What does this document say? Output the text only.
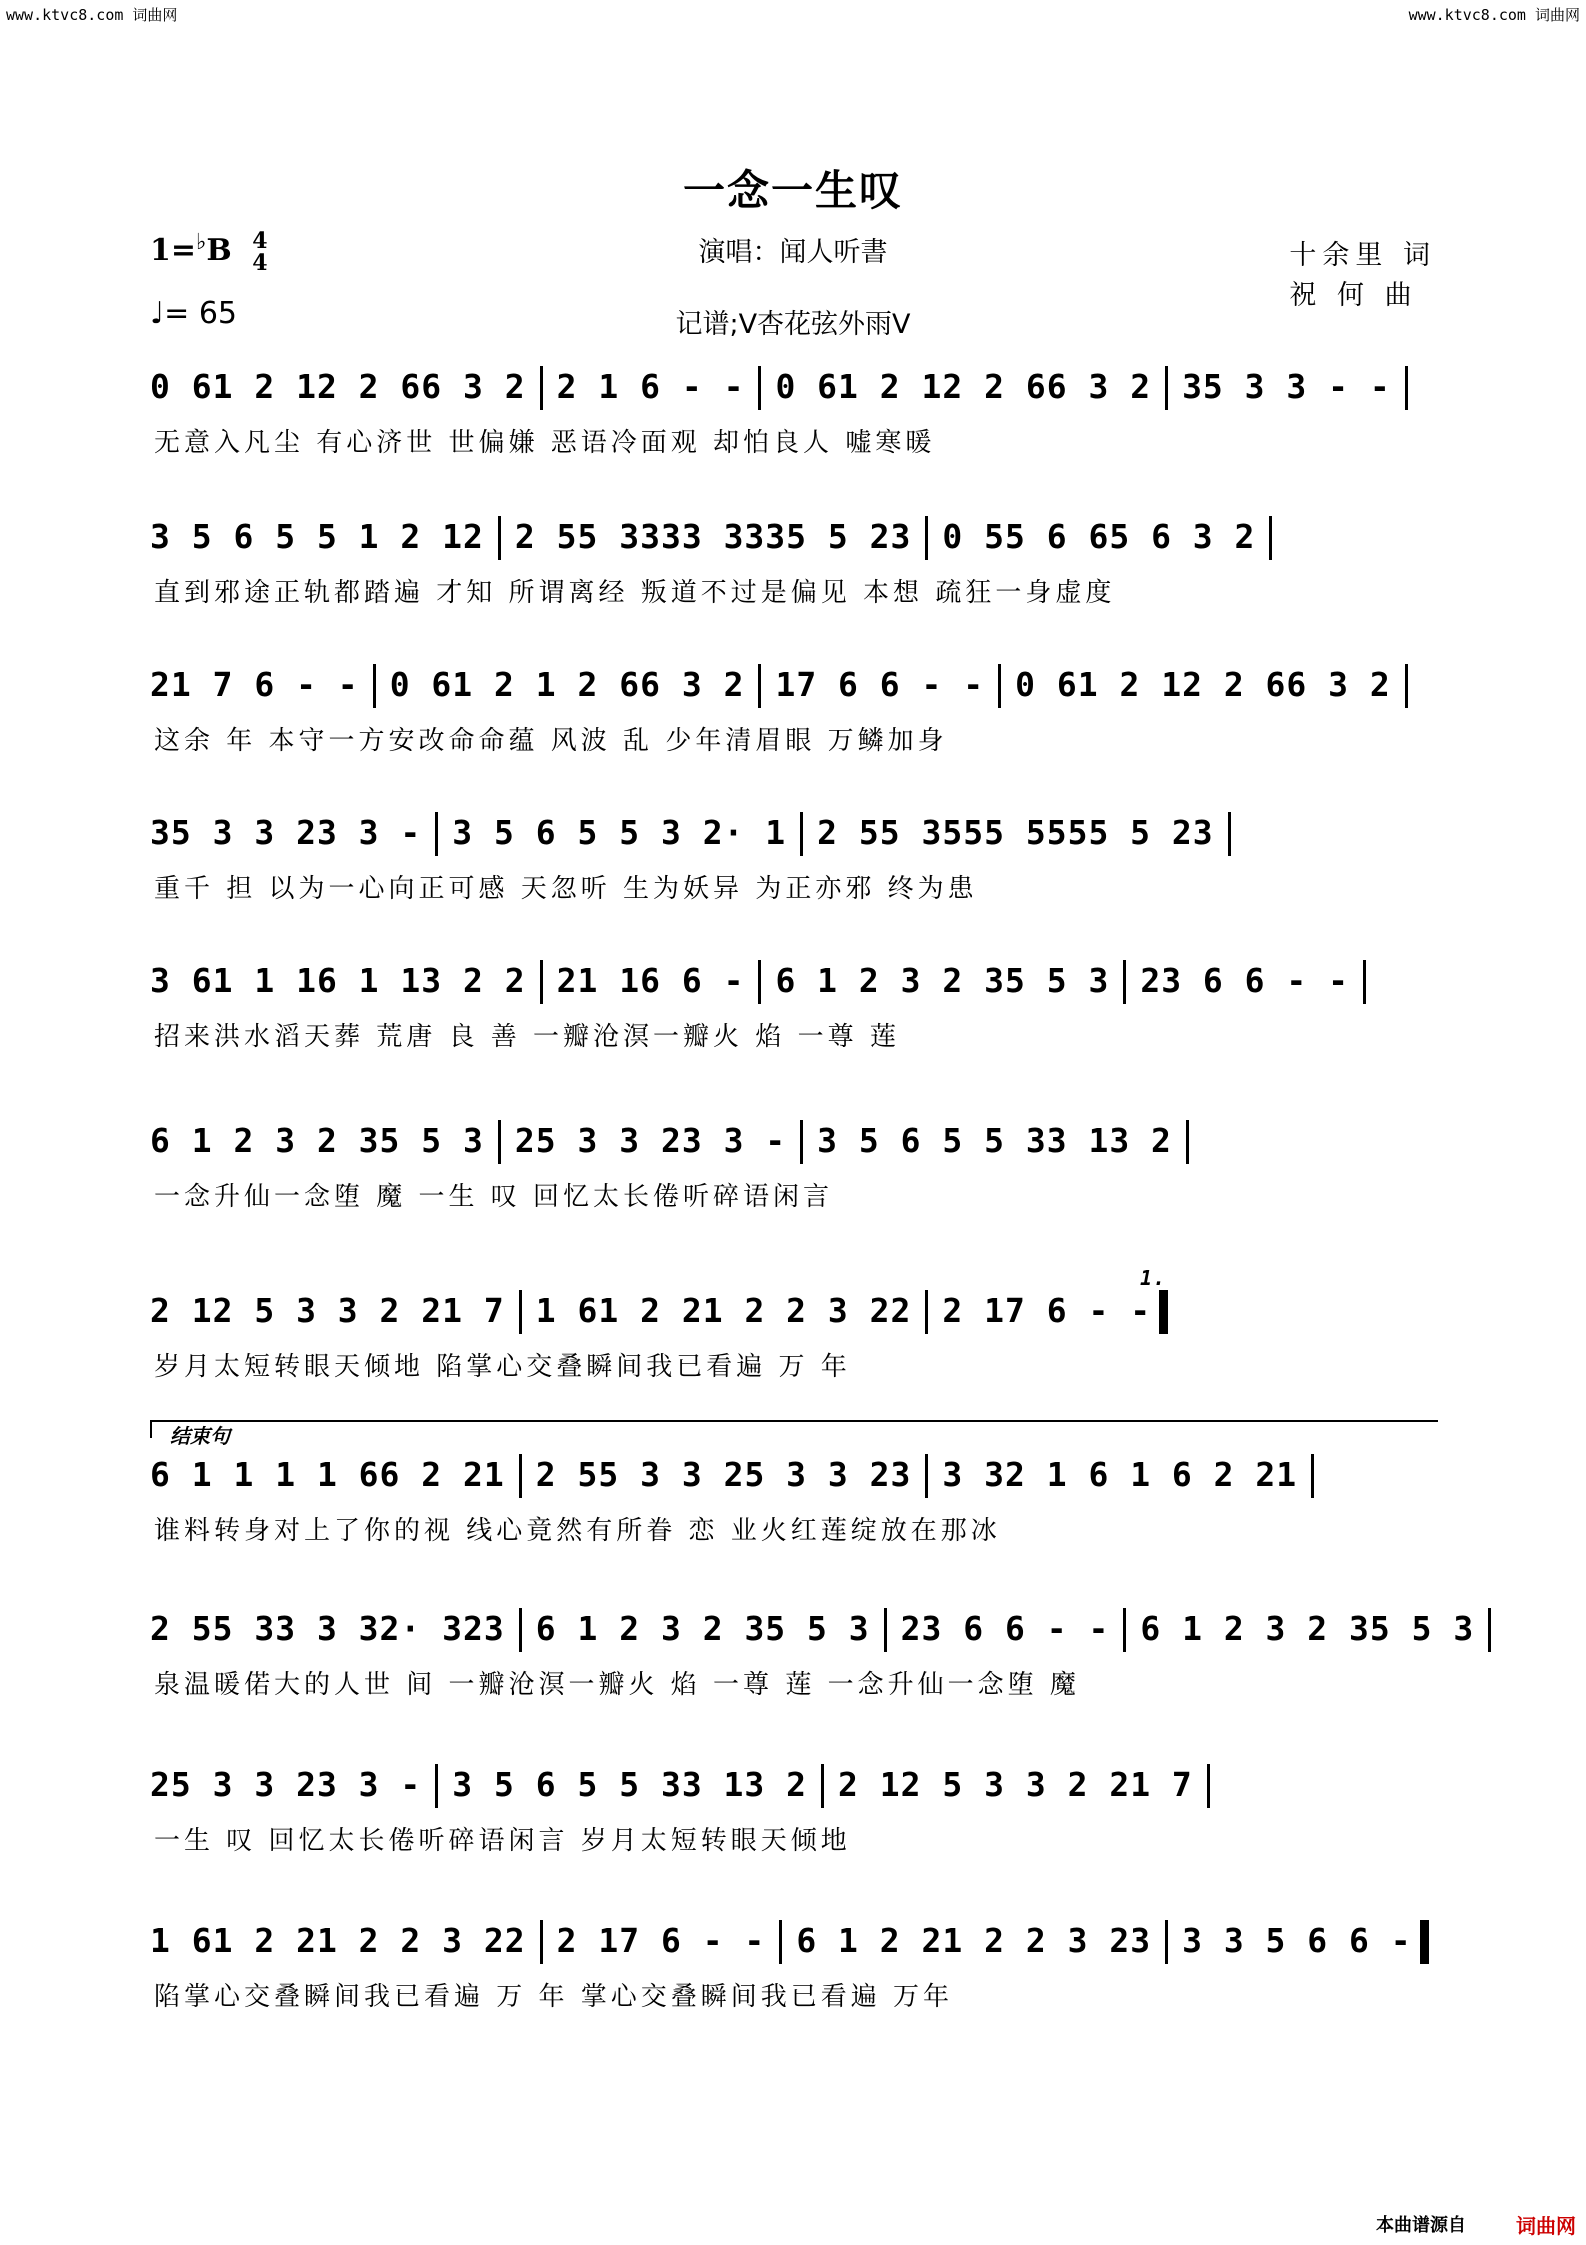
www.ktvc8.com 词曲网	www.ktvc8.com 词曲网
一念一生叹
演唱：闻人听書
记谱;V杏花弦外雨V
1=♭B 4
4
♩= 65
十余里 词
祝 何 曲
0 61 2 12 2 66 3 2 2 1 6 - - 0 61 2 12 2 66 3 2 35 3 3 - -
无意入凡尘 有心济世 世偏嫌 恶语冷面观 却怕良人 嘘寒暖
3 5 6 5 5 1 2 12 2 55 3333 3335 5 23 0 55 6 65 6 3 2
直到邪途正轨都踏遍 才知 所谓离经 叛道不过是偏见 本想 疏狂一身虚度
21 7 6 - - 0 61 2 1 2 66 3 2 17 6 6 - - 0 61 2 12 2 66 3 2
这余 年 本守一方安改命命蕴 风波 乱 少年清眉眼 万鳞加身
35 3 3 23 3 - 3 5 6 5 5 3 2· 1 2 55 3555 5555 5 23
重千 担 以为一心向正可感 天忽听 生为妖异 为正亦邪 终为患
3 61 1 16 1 13 2 2 21 16 6 - 6 1 2 3 2 35 5 3 23 6 6 - -
招来洪水滔天葬 荒唐 良 善 一瓣沧溟一瓣火 焰 一尊 莲
6 1 2 3 2 35 5 3 25 3 3 23 3 - 3 5 6 5 5 33 13 2
一念升仙一念堕 魔 一生 叹 回忆太长倦听碎语闲言
2 12 5 3 3 2 21 7 1 61 2 21 2 2 3 22 2 17 6 - -
1.
岁月太短转眼天倾地 陷掌心交叠瞬间我已看遍 万 年
6 1 1 1 1 66 2 21 2 55 3 3 25 3 3 23 3 32 1 6 1 6 2 21
谁料转身对上了你的视 线心竟然有所眷 恋 业火红莲绽放在那冰
2 55 33 3 32· 323 6 1 2 3 2 35 5 3 23 6 6 - - 6 1 2 3 2 35 5 3
泉温暖偌大的人世 间 一瓣沧溟一瓣火 焰 一尊 莲 一念升仙一念堕 魔
25 3 3 23 3 - 3 5 6 5 5 33 13 2 2 12 5 3 3 2 21 7
一生 叹 回忆太长倦听碎语闲言 岁月太短转眼天倾地
1 61 2 21 2 2 3 22 2 17 6 - - 6 1 2 21 2 2 3 23 3 3 5 6 6 -
陷掌心交叠瞬间我已看遍 万 年 掌心交叠瞬间我已看遍 万年
结束句
本曲谱源自	词曲网
